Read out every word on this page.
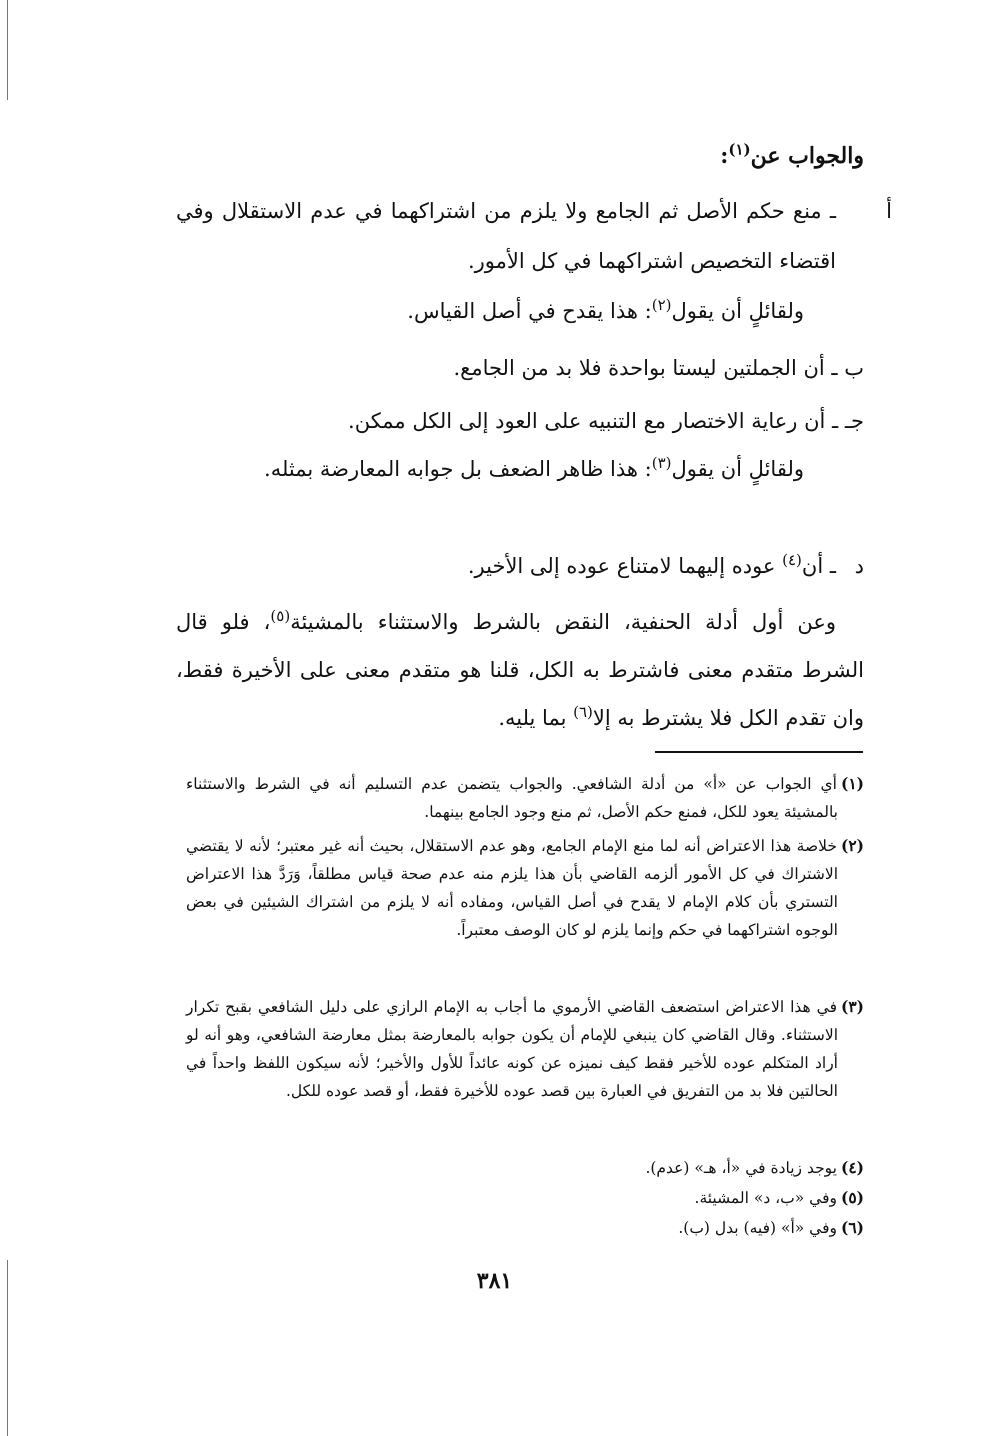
والجواب عن$^{(١)}$:
أـ منع حكم الأصل ثم الجامع ولا يلزم من اشتراكهما في عدم الاستقلال وفي اقتضاء التخصيص اشتراكهما في كل الأمور.
ولقائلٍ أن يقول$^{(٢)}$: هذا يقدح في أصل القياس.
ب ـ أن الجملتين ليستا بواحدة فلا بد من الجامع.
جـ ـ أن رعاية الاختصار مع التنبيه على العود إلى الكل ممكن.
ولقائلٍ أن يقول$^{(٣)}$: هذا ظاهر الضعف بل جوابه المعارضة بمثله.
دـ أن$^{(٤)}$ عوده إليهما لامتناع عوده إلى الأخير.
وعن أول أدلة الحنفية، النقض بالشرط والاستثناء بالمشيئة$^{(٥)}$، فلو قال الشرط متقدم معنى فاشترط به الكل، قلنا هو متقدم معنى على الأخيرة فقط، وان تقدم الكل فلا يشترط به إلا$^{(٦)}$ بما يليه.
(١)أي الجواب عن «أ» من أدلة الشافعي. والجواب يتضمن عدم التسليم أنه في الشرط والاستثناء بالمشيئة يعود للكل، فمنع حكم الأصل، ثم منع وجود الجامع بينهما.
(٢)خلاصة هذا الاعتراض أنه لما منع الإمام الجامع، وهو عدم الاستقلال، بحيث أنه غير معتبر؛ لأنه لا يقتضي الاشتراك في كل الأمور ألزمه القاضي بأن هذا يلزم منه عدم صحة قياس مطلقاً، وَرَدَّ هذا الاعتراض التستري بأن كلام الإمام لا يقدح في أصل القياس، ومفاده أنه لا يلزم من اشتراك الشيئين في بعض الوجوه اشتراكهما في حكم وإنما يلزم لو كان الوصف معتبراً.
(٣)في هذا الاعتراض استضعف القاضي الأرموي ما أجاب به الإمام الرازي على دليل الشافعي بقبح تكرار الاستثناء. وقال القاضي كان ينبغي للإمام أن يكون جوابه بالمعارضة بمثل معارضة الشافعي، وهو أنه لو أراد المتكلم عوده للأخير فقط كيف نميزه عن كونه عائداً للأول والأخير؛ لأنه سيكون اللفظ واحداً في الحالتين فلا بد من التفريق في العبارة بين قصد عوده للأخيرة فقط، أو قصد عوده للكل.
(٤)يوجد زيادة في «أ، هـ» (عدم).
(٥)وفي «ب، د» المشيئة.
(٦)وفي «أ» (فيه) بدل (ب).
٣٨١
